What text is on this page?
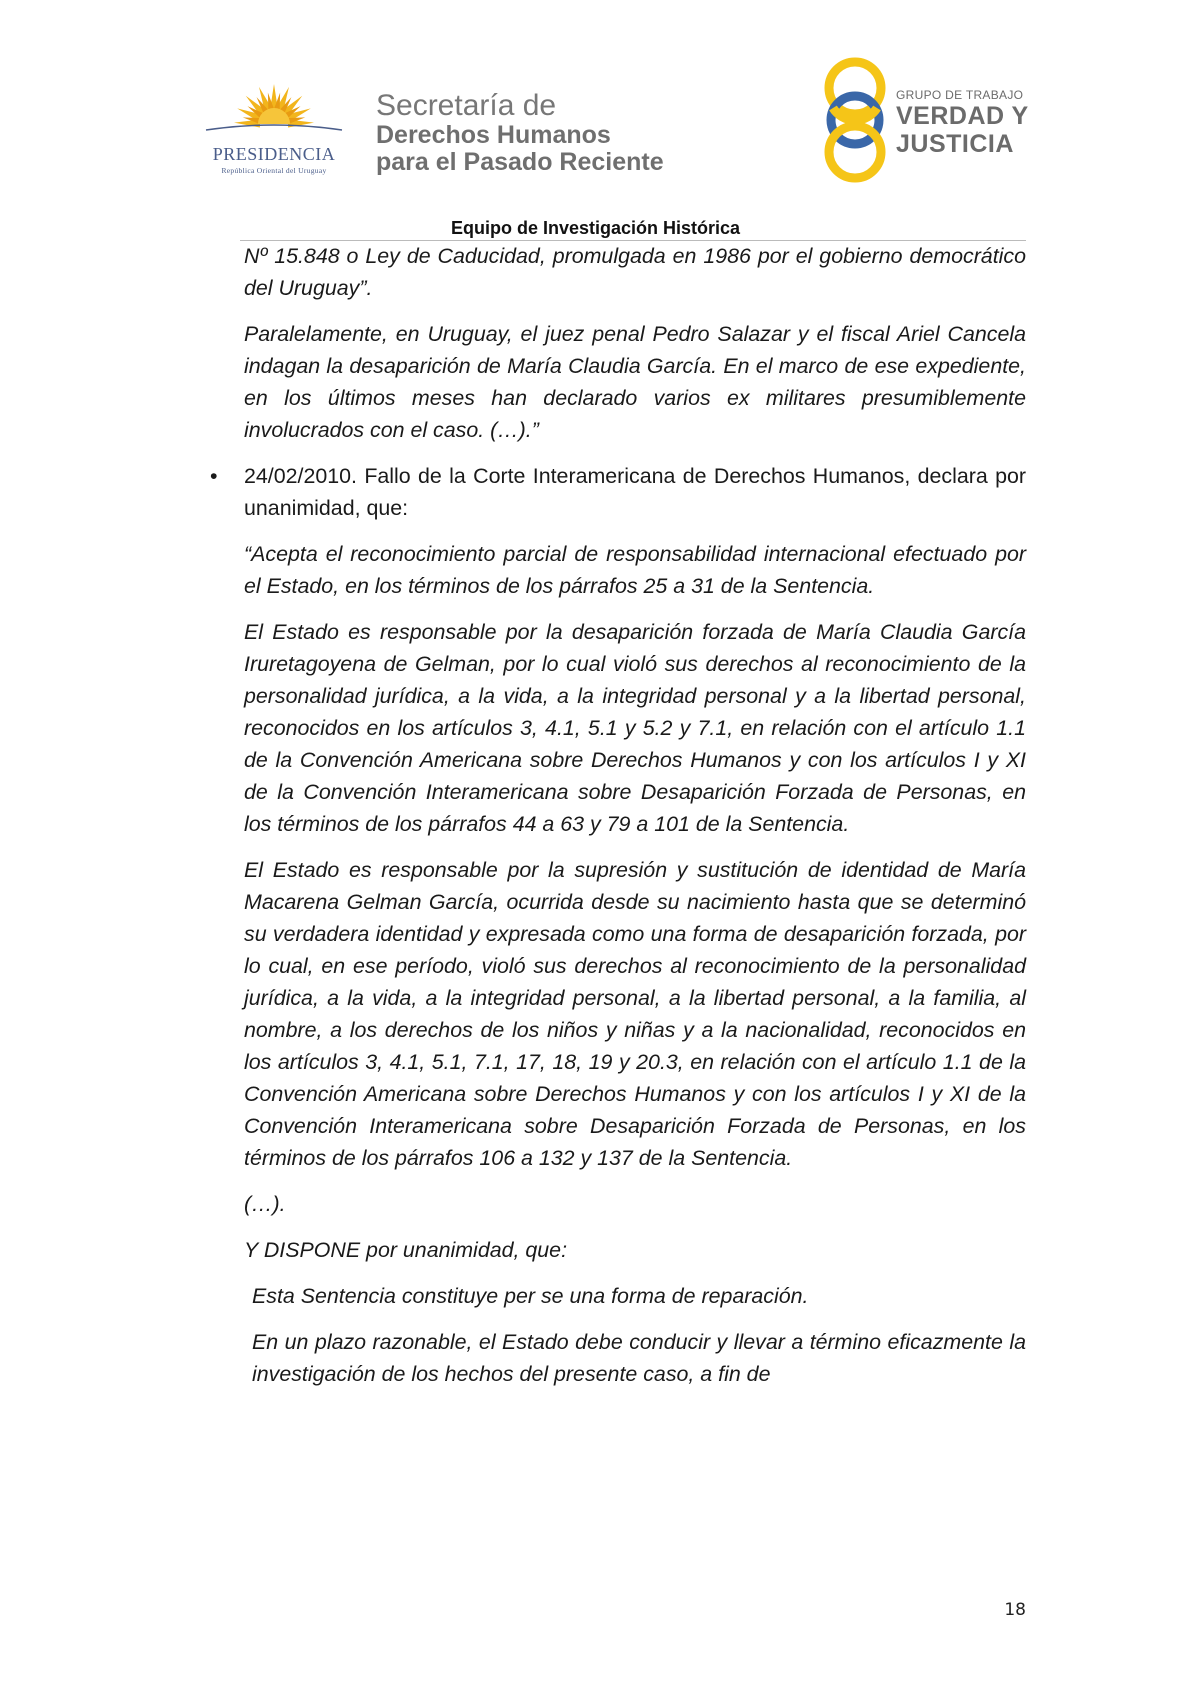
PRESIDENCIA
República Oriental del Uruguay
Secretaría de
Derechos Humanos
para el Pasado Reciente
GRUPO DE TRABAJO
VERDAD Y
JUSTICIA
Equipo de Investigación Histórica

Nº 15.848 o Ley de Caducidad, promulgada en 1986 por el gobierno democrático del Uruguay”.

Paralelamente, en Uruguay, el juez penal Pedro Salazar y el fiscal Ariel Cancela indagan la desaparición de María Claudia García. En el marco de ese expediente, en los últimos meses han declarado varios ex militares presumiblemente involucrados con el caso. (…).”

• 24/02/2010. Fallo de la Corte Interamericana de Derechos Humanos, declara por unanimidad, que:

“Acepta el reconocimiento parcial de responsabilidad internacional efectuado por el Estado, en los términos de los párrafos 25 a 31 de la Sentencia.

El Estado es responsable por la desaparición forzada de María Claudia García Iruretagoyena de Gelman, por lo cual violó sus derechos al reconocimiento de la personalidad jurídica, a la vida, a la integridad personal y a la libertad personal, reconocidos en los artículos 3, 4.1, 5.1 y 5.2 y 7.1, en relación con el artículo 1.1 de la Convención Americana sobre Derechos Humanos y con los artículos I y XI de la Convención Interamericana sobre Desaparición Forzada de Personas, en los términos de los párrafos 44 a 63 y 79 a 101 de la Sentencia.

El Estado es responsable por la supresión y sustitución de identidad de María Macarena Gelman García, ocurrida desde su nacimiento hasta que se determinó su verdadera identidad y expresada como una forma de desaparición forzada, por lo cual, en ese período, violó sus derechos al reconocimiento de la personalidad jurídica, a la vida, a la integridad personal, a la libertad personal, a la familia, al nombre, a los derechos de los niños y niñas y a la nacionalidad, reconocidos en los artículos 3, 4.1, 5.1, 7.1, 17, 18, 19 y 20.3, en relación con el artículo 1.1 de la Convención Americana sobre Derechos Humanos y con los artículos I y XI de la Convención Interamericana sobre Desaparición Forzada de Personas, en los términos de los párrafos 106 a 132 y 137 de la Sentencia.

(…).

Y DISPONE por unanimidad, que:

Esta Sentencia constituye per se una forma de reparación.

En un plazo razonable, el Estado debe conducir y llevar a término eficazmente la investigación de los hechos del presente caso, a fin de

18
